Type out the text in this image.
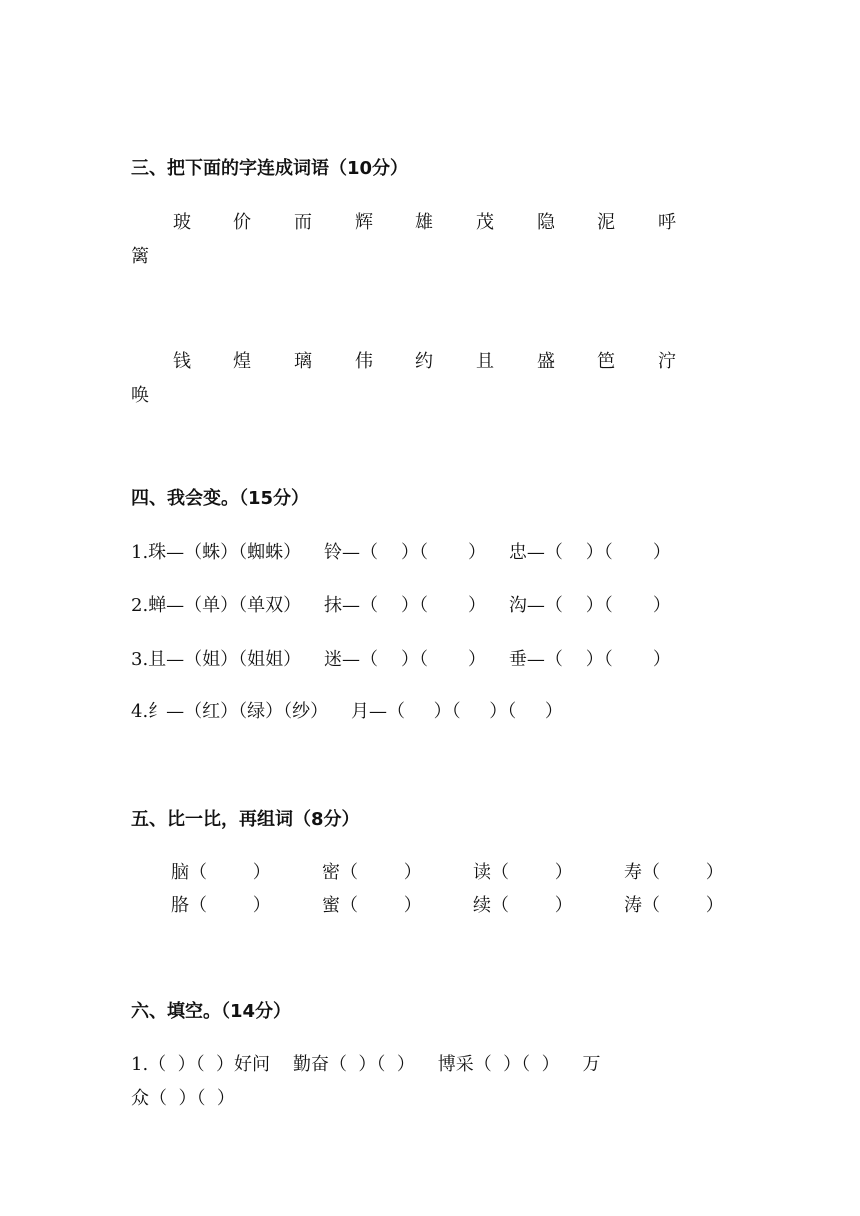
三、把下面的字连成词语（10分）
玻 价 而 辉 雄 茂 隐 泥 呼
篱
钱 煌 璃 伟 约 且 盛 笆 泞
唤
四、我会变。（15分）
1.珠—（蛛）（蜘蛛）    铃—（    ）（       ）    忠—（    ）（       ）
2.蝉—（单）（单双）    抹—（    ）（       ）    沟—（    ）（       ）
3.且—（姐）（姐姐）    迷—（    ）（       ）    垂—（    ）（       ）
4.纟—（红）（绿）（纱）    月—（     ）（     ）（     ）
五、比一比，再组词（8分）
脑（        ）	密（        ）	读（        ）	寿（        ）
胳（        ）	蜜（        ）	续（        ）	涛（        ）
六、填空。（14分）
1.（  ）（  ）好问    勤奋（  ）（  ）    博采（  ）（  ）    万
众（  ）（  ）
